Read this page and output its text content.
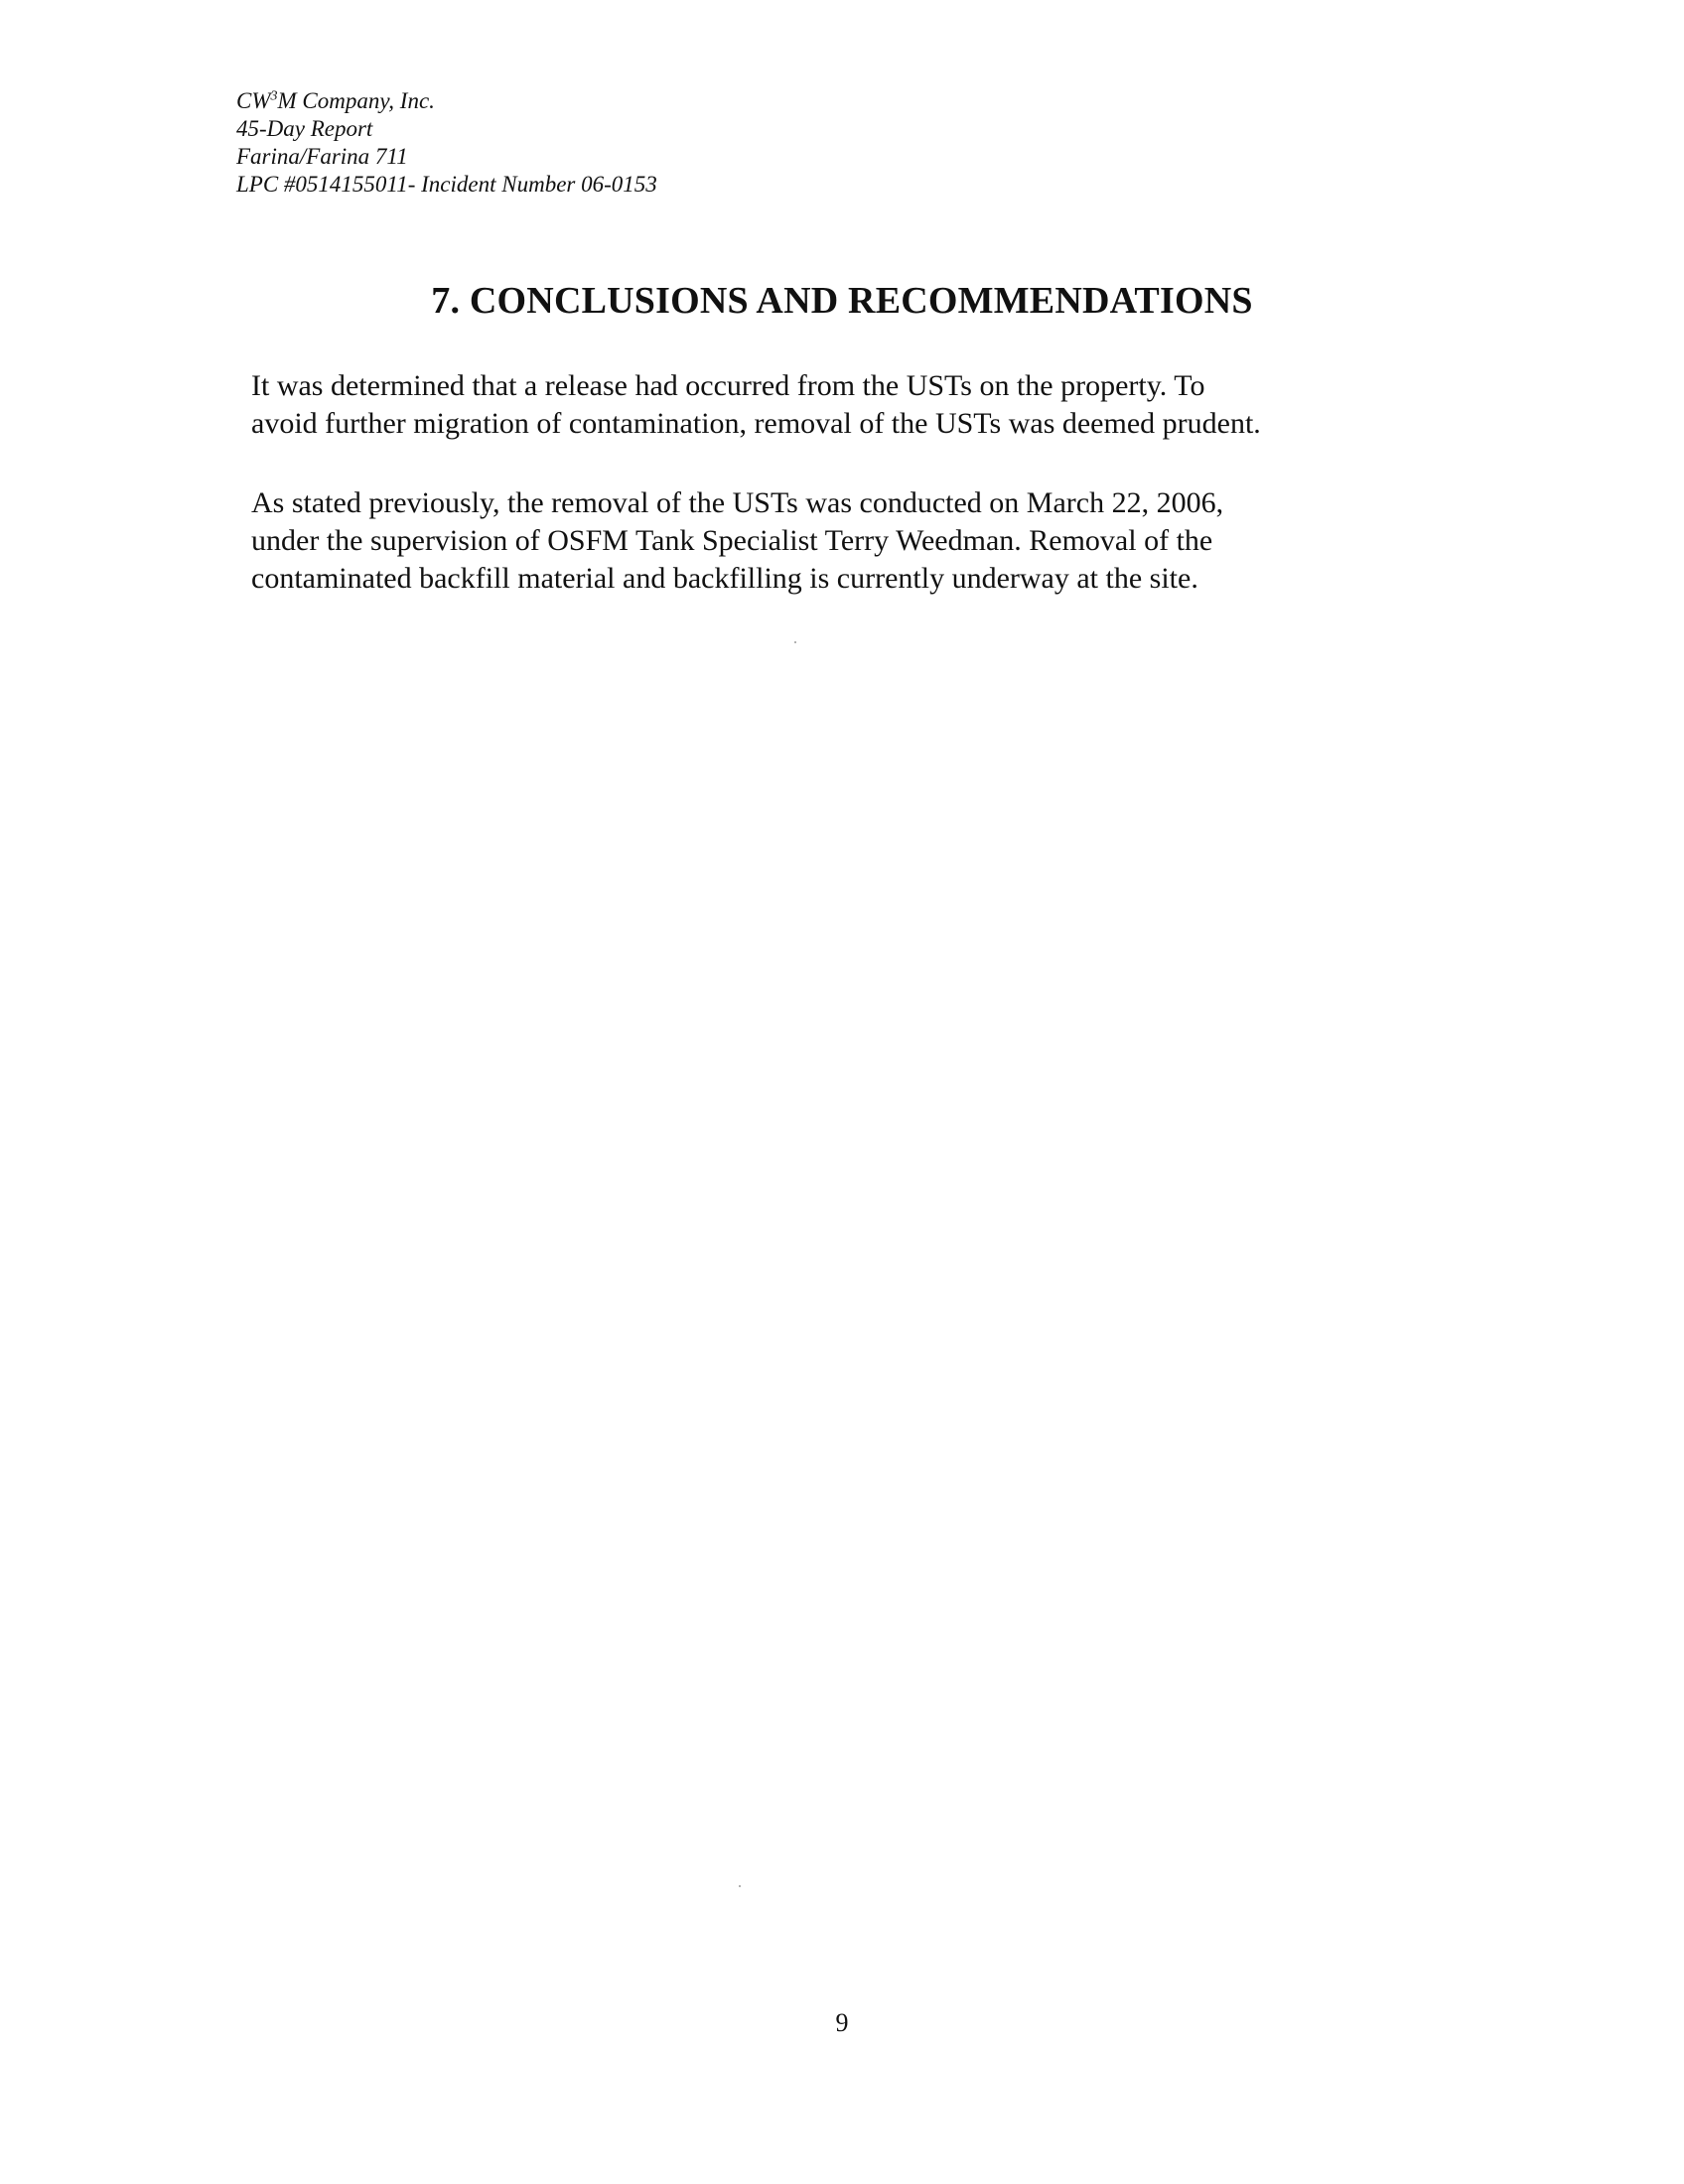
$CW^3M$ Company, Inc.
45-Day Report
Farina/Farina 711
LPC #0514155011- Incident Number 06-0153
7. CONCLUSIONS AND RECOMMENDATIONS

It was determined that a release had occurred from the USTs on the property. To
avoid further migration of contamination, removal of the USTs was deemed prudent.

As stated previously, the removal of the USTs was conducted on March 22, 2006,
under the supervision of OSFM Tank Specialist Terry Weedman. Removal of the
contaminated backfill material and backfilling is currently underway at the site.

9
